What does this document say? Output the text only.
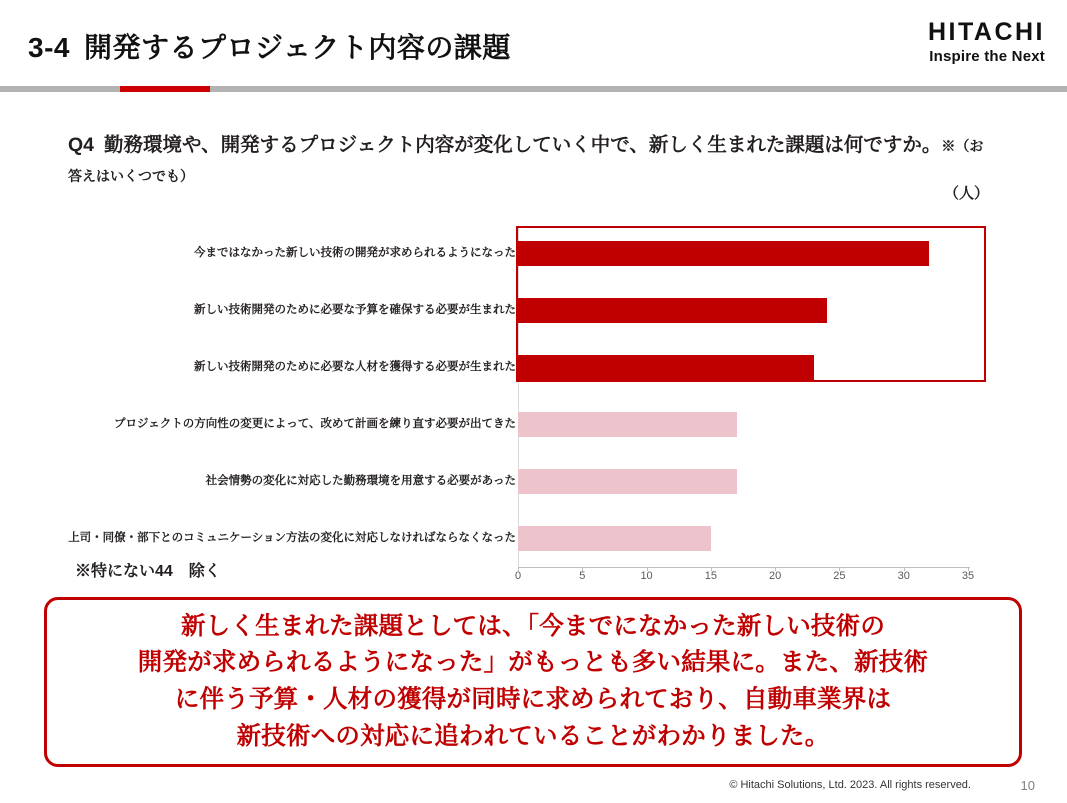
3-4 開発するプロジェクト内容の課題	HITACHI
Inspire the Next
Q4 勤務環境や、開発するプロジェクト内容が変化していく中で、新しく生まれた課題は何ですか。※（お答えはいくつでも）
（人）
今まではなかった新しい技術の開発が求められるようになった
新しい技術開発のために必要な予算を確保する必要が生まれた
新しい技術開発のために必要な人材を獲得する必要が生まれた
プロジェクトの方向性の変更によって、改めて計画を練り直す必要が出てきた
社会情勢の変化に対応した勤務環境を用意する必要があった
上司・同僚・部下とのコミュニケーション方法の変化に対応しなければならなくなった
0	5	10	15	20	25	30	35
※特にない44　除く
新しく生まれた課題としては、「今までになかった新しい技術の
開発が求められるようになった」がもっとも多い結果に。また、新技術
に伴う予算・人材の獲得が同時に求められており、自動車業界は
新技術への対応に追われていることがわかりました。
© Hitachi Solutions, Ltd. 2023. All rights reserved.	10
